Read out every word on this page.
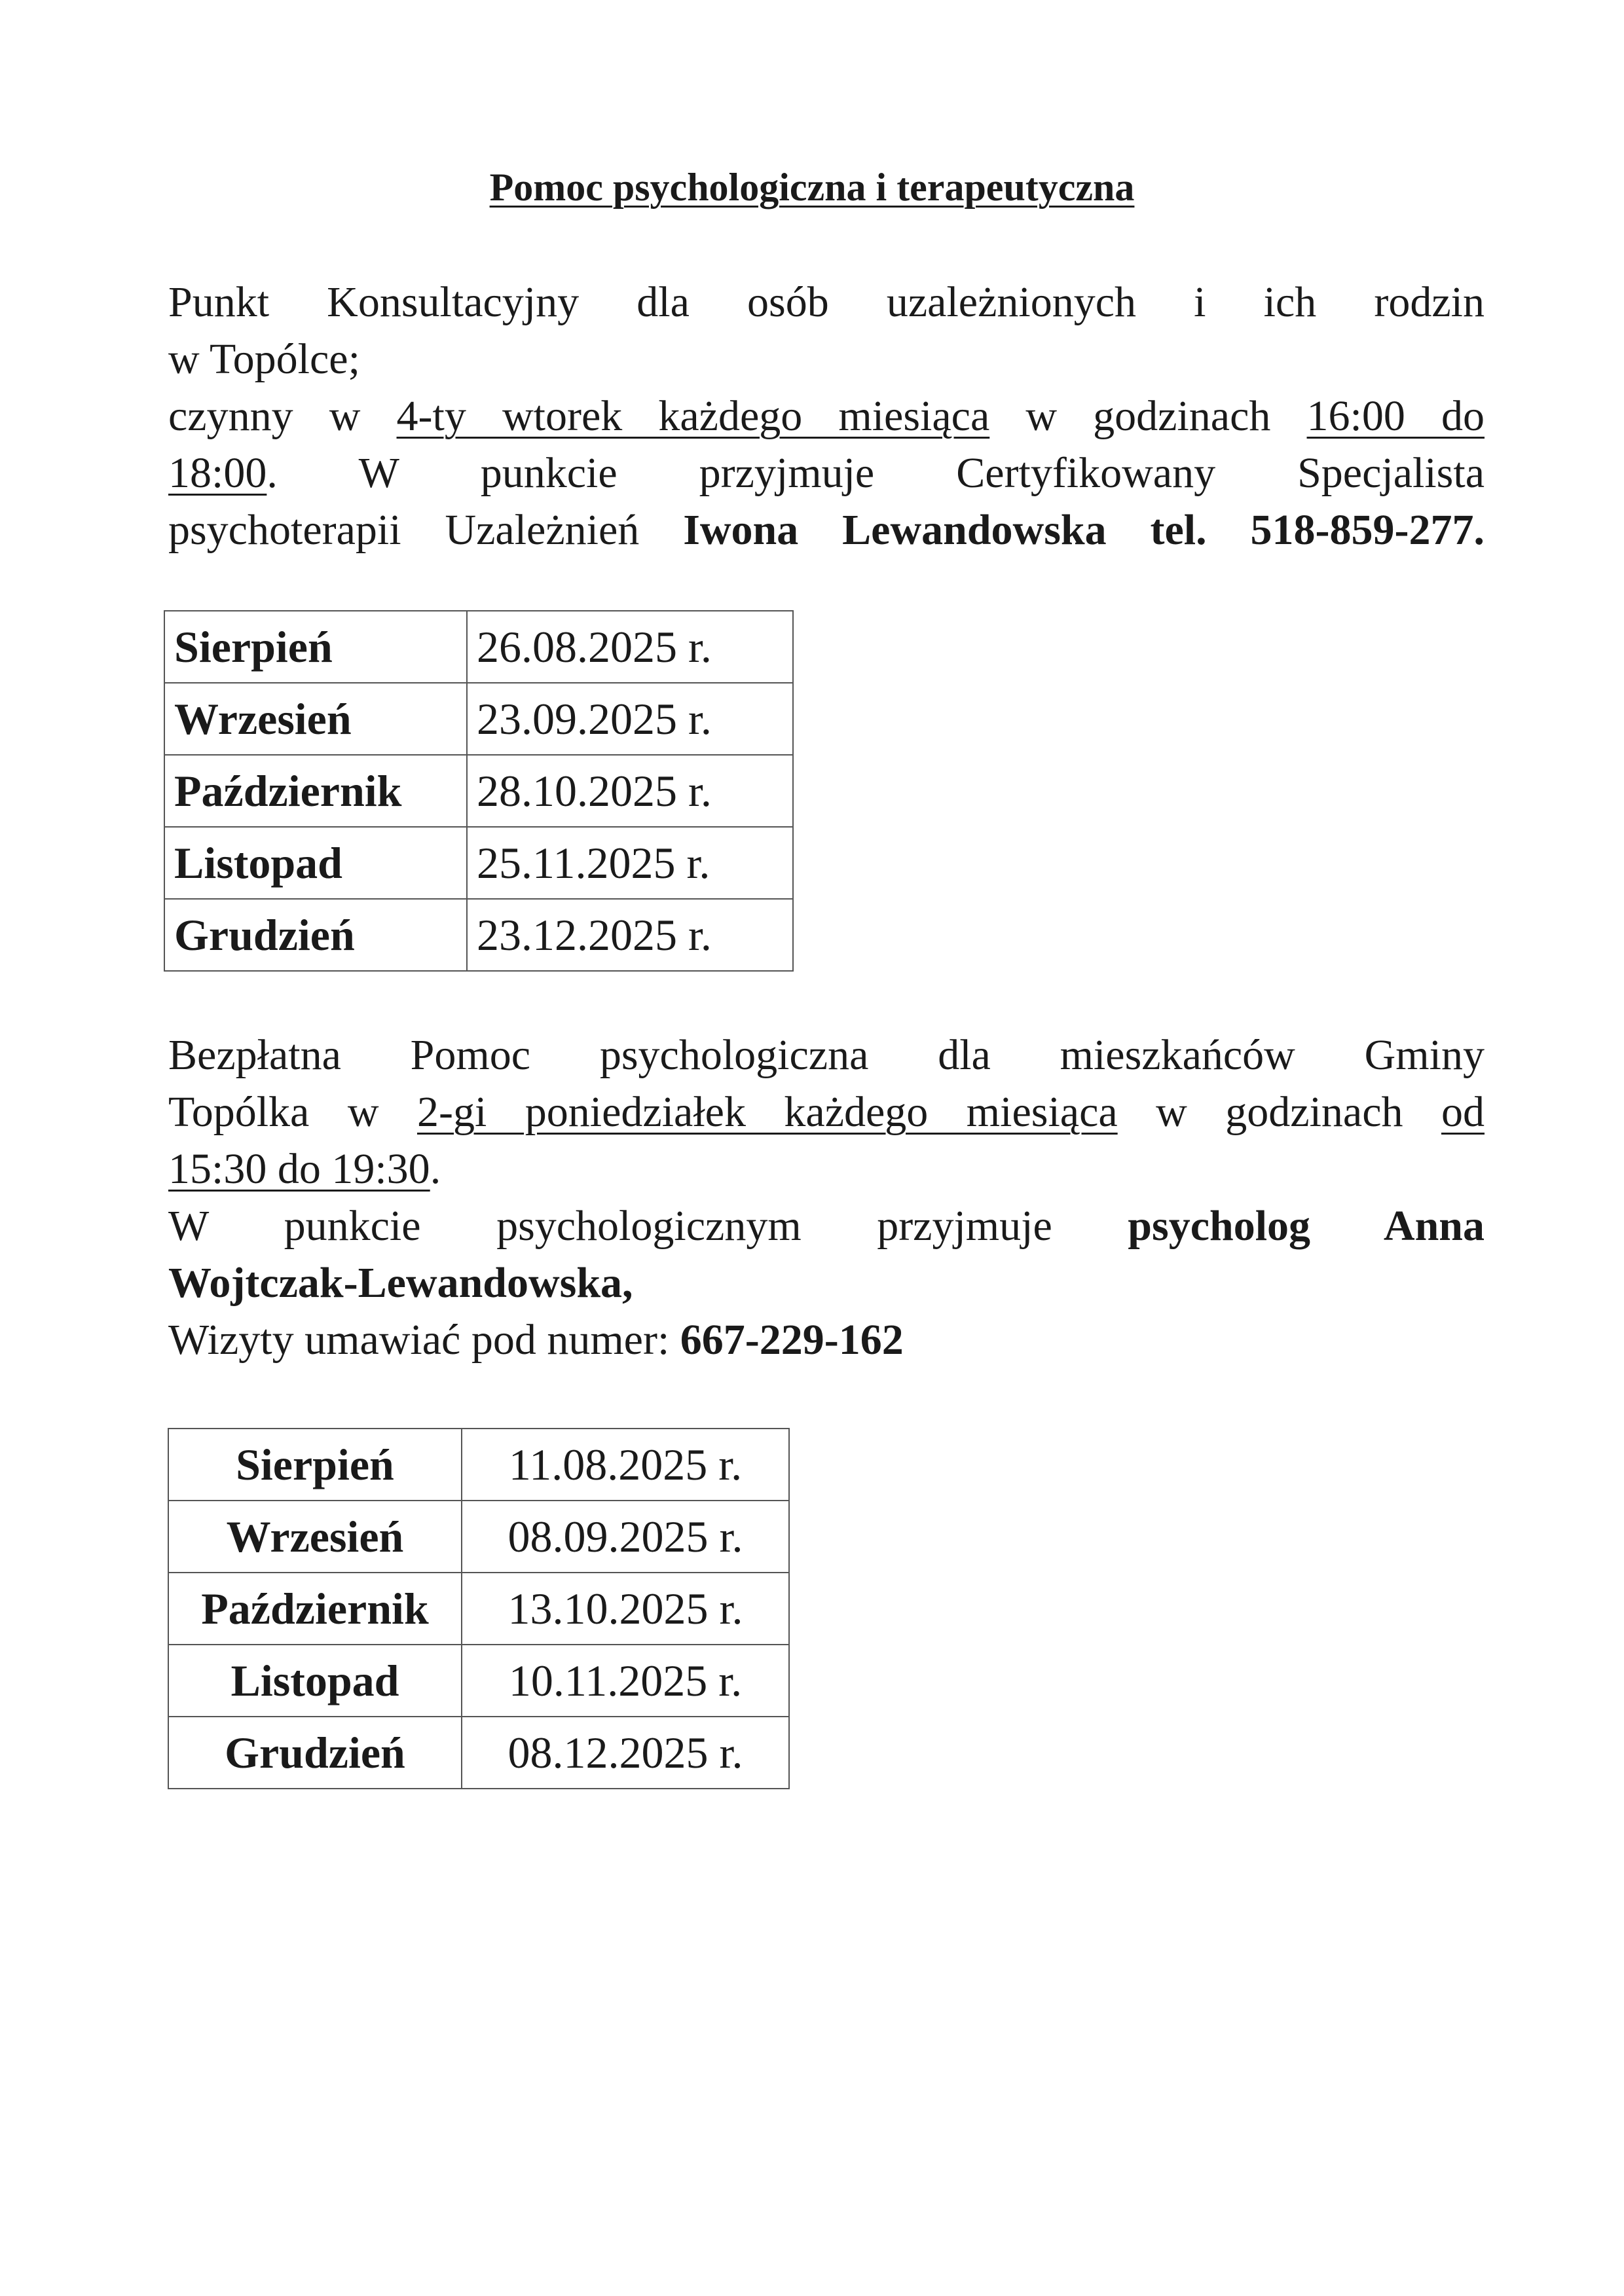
Pomoc psychologiczna i terapeutyczna

Punkt Konsultacyjny dla osób uzależnionych i ich rodzin

w Topólce;

czynny w 4-ty wtorek każdego miesiąca w godzinach 16:00 do

18:00. W punkcie przyjmuje Certyfikowany Specjalista

psychoterapii Uzależnień Iwona Lewandowska tel. 518-859-277.

Sierpień	26.08.2025 r.
Wrzesień	23.09.2025 r.
Październik	28.10.2025 r.
Listopad	25.11.2025 r.
Grudzień	23.12.2025 r.

Bezpłatna Pomoc psychologiczna dla mieszkańców Gminy

Topólka w 2-gi poniedziałek każdego miesiąca w godzinach od

15:30 do 19:30.

W punkcie psychologicznym przyjmuje psycholog Anna

Wojtczak-Lewandowska,

Wizyty umawiać pod numer: 667-229-162

Sierpień	11.08.2025 r.
Wrzesień	08.09.2025 r.
Październik	13.10.2025 r.
Listopad	10.11.2025 r.
Grudzień	08.12.2025 r.
